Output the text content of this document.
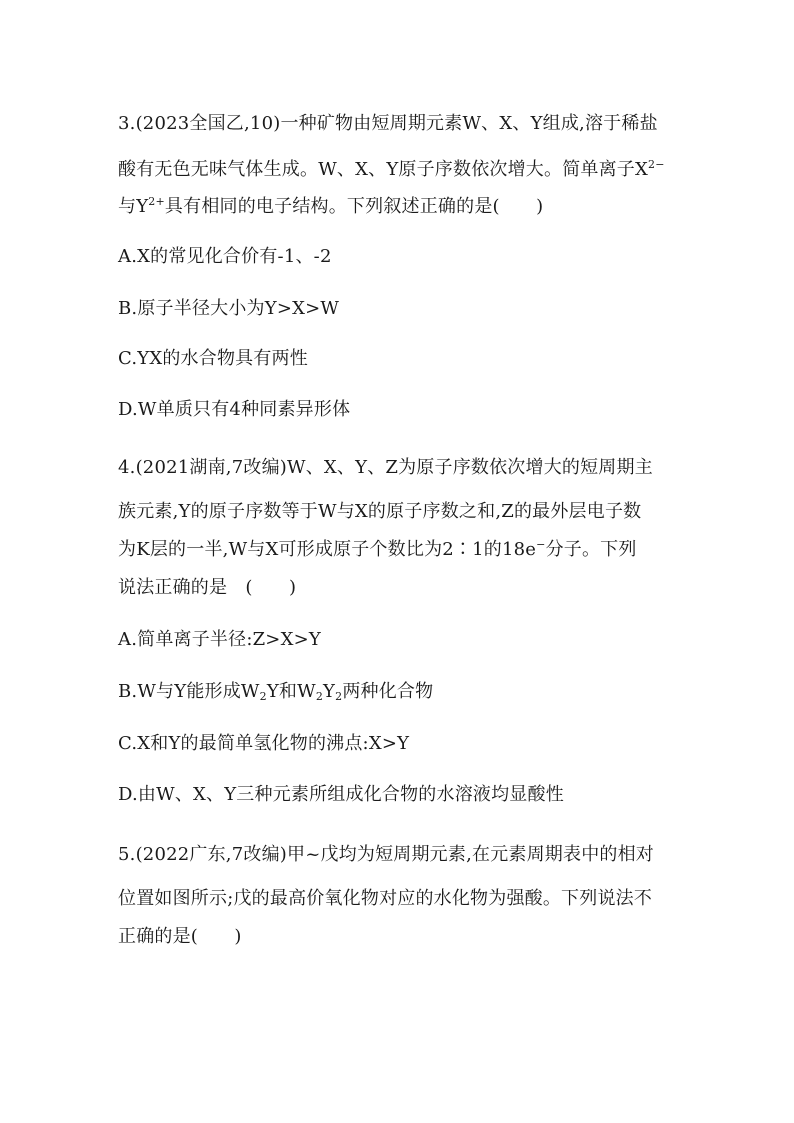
3.(2023全国乙,10)一种矿物由短周期元素W、X、Y组成,溶于稀盐
酸有无色无味气体生成。W、X、Y原子序数依次增大。简单离子$X^{2-}$
与$Y^{2+}$具有相同的电子结构。下列叙述正确的是(　　)
A.X的常见化合价有-1、-2
B.原子半径大小为Y>X>W
C.YX的水合物具有两性
D.W单质只有4种同素异形体
4.(2021湖南,7改编)W、X、Y、Z为原子序数依次增大的短周期主
族元素,Y的原子序数等于W与X的原子序数之和,Z的最外层电子数
为K层的一半,W与X可形成原子个数比为2∶1的18e−分子。下列
说法正确的是　(　　)
A.简单离子半径:Z>X>Y
B.W与Y能形成$W_2Y$和$W_2Y_2$两种化合物
C.X和Y的最简单氢化物的沸点:X>Y
D.由W、X、Y三种元素所组成化合物的水溶液均显酸性
5.(2022广东,7改编)甲~戊均为短周期元素,在元素周期表中的相对
位置如图所示;戊的最高价氧化物对应的水化物为强酸。下列说法不
正确的是(　　)
